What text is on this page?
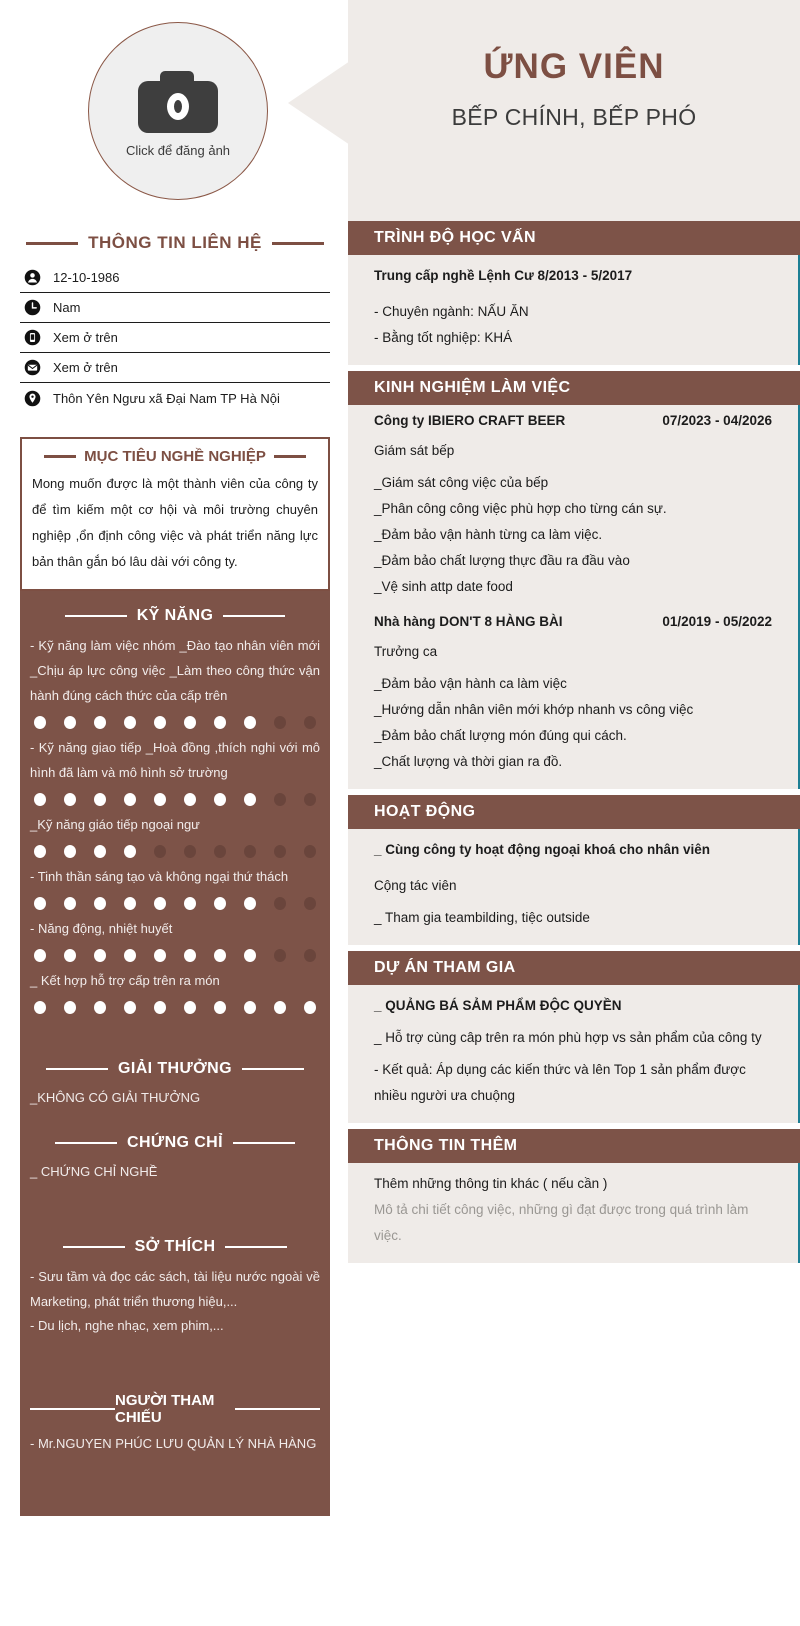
Click để đăng ảnh
ỨNG VIÊN
BẾP CHÍNH, BẾP PHÓ
THÔNG TIN LIÊN HỆ
12-10-1986
Nam
Xem ở trên
Xem ở trên
Thôn Yên Ngưu xã Đại Nam TP Hà Nội
MỤC TIÊU NGHỀ NGHIỆP
Mong muốn được là một thành viên của công ty để tìm kiếm một cơ hội và môi trường chuyên nghiệp ,ổn định công việc và phát triển năng lực bản thân gắn bó lâu dài với công ty.
KỸ NĂNG
- Kỹ năng làm việc nhóm _Đào tạo nhân viên mới _Chịu áp lực công việc _Làm theo công thức vận hành đúng cách thức của cấp trên
- Kỹ năng giao tiếp _Hoà đồng ,thích nghi với mô hình đã làm và mô hình sở trường
_Kỹ năng giáo tiếp ngoại ngư
- Tinh thần sáng tạo và không ngại thứ thách
- Năng động, nhiệt huyết
_ Kết hợp hỗ trợ cấp trên ra món
GIẢI THƯỞNG
_KHÔNG CÓ GIẢI THƯỞNG
CHỨNG CHỈ
_ CHỨNG CHỈ NGHỀ
SỞ THÍCH
- Sưu tầm và đọc các sách, tài liệu nước ngoài về Marketing, phát triển thương hiệu,...
- Du lịch, nghe nhạc, xem phim,...
NGƯỜI THAM CHIẾU
- Mr.NGUYEN PHÚC LƯU QUẢN LÝ NHÀ HÀNG
TRÌNH ĐỘ HỌC VẤN
Trung cấp nghề Lệnh Cư 8/2013 - 5/2017
- Chuyên ngành: NẤU ĂN
- Bằng tốt nghiệp: KHÁ
KINH NGHIỆM LÀM VIỆC
Công ty IBIERO CRAFT BEER	07/2023 - 04/2026
Giám sát bếp
_Giám sát công việc của bếp
_Phân công công việc phù hợp cho từng cán sự.
_Đảm bảo vận hành từng ca làm việc.
_Đảm bảo chất lượng thực đầu ra đầu vào
_Vệ sinh attp date food
Nhà hàng DON'T 8 HÀNG BÀI	01/2019 - 05/2022
Trưởng ca
_Đảm bảo vận hành ca làm việc
_Hướng dẫn nhân viên mới khớp nhanh vs công việc
_Đảm bảo chất lượng món đúng qui cách.
_Chất lượng và thời gian ra đồ.
HOẠT ĐỘNG
_ Cùng công ty hoạt động ngoại khoá cho nhân viên
Cộng tác viên
_ Tham gia teambilding, tiệc outside
DỰ ÁN THAM GIA
_ QUẢNG BÁ SẢM PHẨM ĐỘC QUYỀN
_ Hỗ trợ cùng câp trên ra món phù hợp vs sản phẩm của công ty
- Kết quả: Áp dụng các kiến thức và lên Top 1 sản phẩm được nhiều người ưa chuộng
THÔNG TIN THÊM
Thêm những thông tin khác ( nếu cần )
Mô tả chi tiết công việc, những gì đạt được trong quá trình làm việc.
